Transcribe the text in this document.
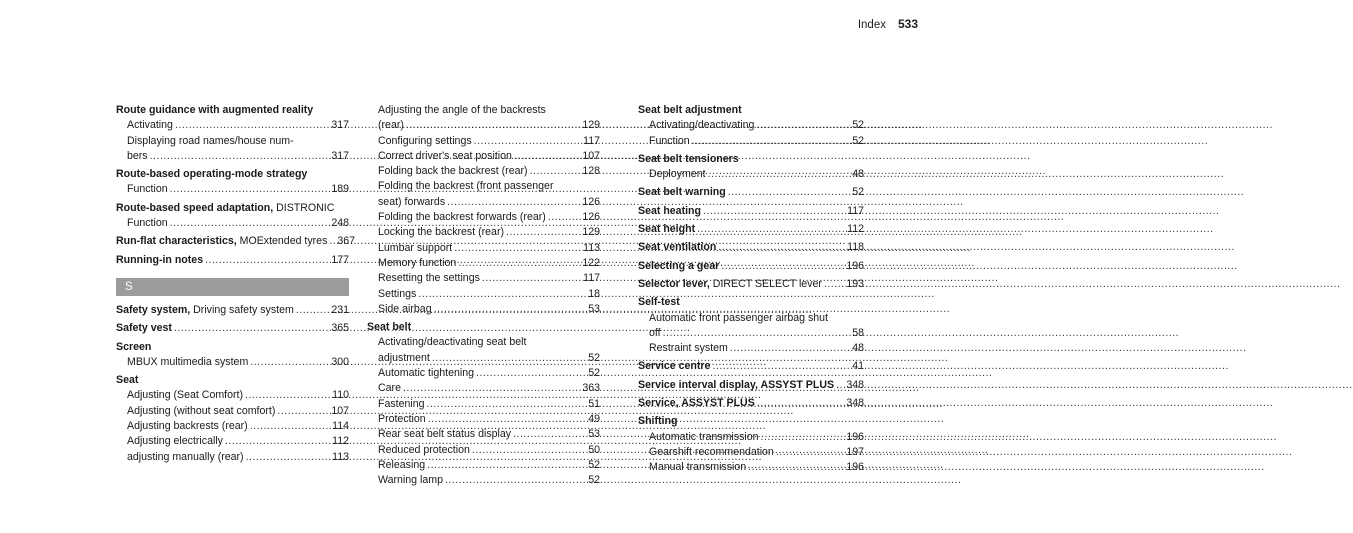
Index 533
Route guidance with augmented reality
Activating .....	317
Displaying road names/house num-
bers .....	317
Route-based operating-mode strategy
Function .....	189
Route-based speed adaptation, DISTRONIC
Function .....	248
Run-flat characteristics, MOExtended tyres ..... 367
Running-in notes .....	177
S
Safety system, Driving safety system .....	231
Safety vest .....	365
Screen
MBUX multimedia system .....	300
Seat
Adjusting (Seat Comfort) .....	110
Adjusting (without seat comfort) .....	107
Adjusting backrests (rear) .....	114
Adjusting electrically .....	112
adjusting manually (rear) .....	113
Adjusting the angle of the backrests
(rear) .....	129
Configuring settings .....	117
Correct driver's seat position .....	107
Folding back the backrest (rear) .....	128
Folding the backrest (front passenger
seat) forwards .....	126
Folding the backrest forwards (rear) .....	126
Locking the backrest (rear) .....	129
Lumbar support .....	113
Memory function .....	122
Resetting the settings .....	117
Settings .....	18
Side airbag .....	53
Seat belt
Activating/deactivating seat belt
adjustment .....	52
Automatic tightening .....	52
Care .....	363
Fastening .....	51
Protection .....	49
Rear seat belt status display .....	53
Reduced protection .....	50
Releasing .....	52
Warning lamp .....	52
Seat belt adjustment
Activating/deactivating .....	52
Function .....	52
Seat belt tensioners
Deployment .....	48
Seat belt warning .....	52
Seat heating .....	117
Seat height .....	112
Seat ventilation .....	118
Selecting a gear .....	196
Selector lever, DIRECT SELECT lever ..... 193
Self-test
Automatic front passenger airbag shut
off .....	58
Restraint system .....	48
Service centre .....	41
Service interval display, ASSYST PLUS ..... 348
Service, ASSYST PLUS .....	348
Shifting
Automatic transmission .....	196
Gearshift recommendation .....	197
Manual transmission .....	196
